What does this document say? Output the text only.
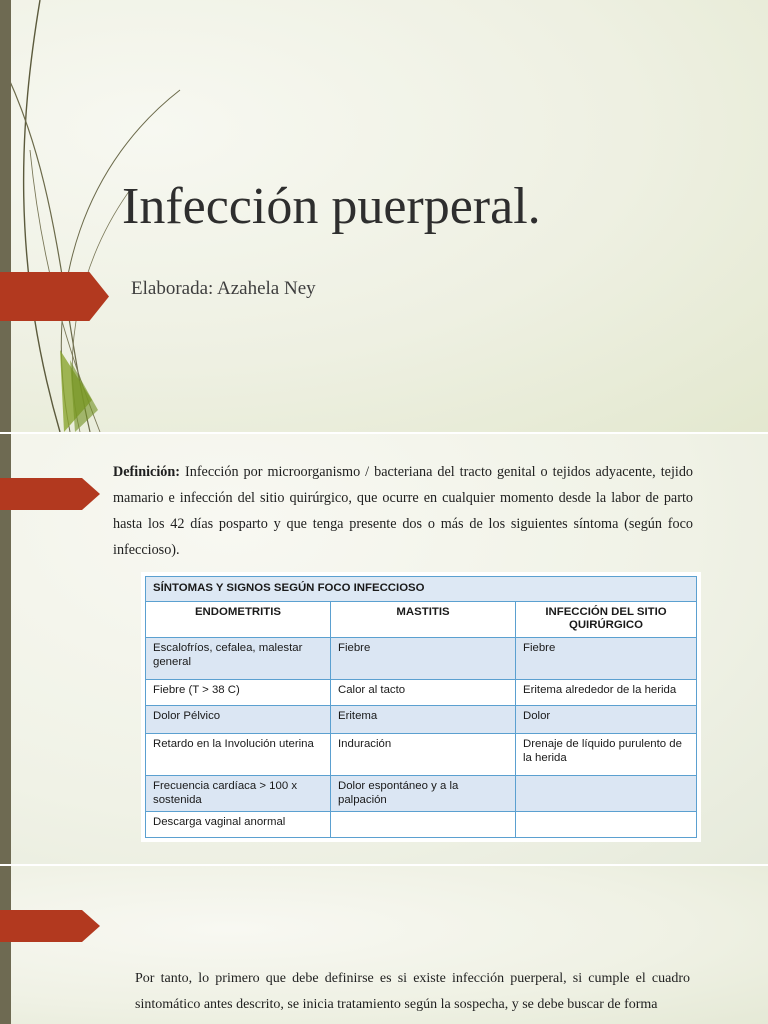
Infección puerperal.
Elaborada: Azahela Ney
Definición: Infección por microorganismo / bacteriana del tracto genital o tejidos adyacente, tejido mamario e infección del sitio quirúrgico, que ocurre en cualquier momento desde la labor de parto hasta los 42 días posparto y que tenga presente dos o más de los siguientes síntoma (según foco infeccioso).
SÍNTOMAS Y SIGNOS SEGÚN FOCO INFECCIOSO		
ENDOMETRITIS	MASTITIS	INFECCIÓN DEL SITIO QUIRÚRGICO
Escalofríos, cefalea, malestar general	Fiebre	Fiebre
Fiebre (T > 38 C)	Calor al tacto	Eritema alrededor de la herida
Dolor Pélvico	Eritema	Dolor
Retardo en la Involución uterina	Induración	Drenaje de líquido purulento de la herida
Frecuencia cardíaca > 100 x sostenida	Dolor espontáneo y a la palpación	
Descarga vaginal anormal		
Por tanto, lo primero que debe definirse es si existe infección puerperal, si cumple el cuadro sintomático antes descrito, se inicia tratamiento según la sospecha, y se debe buscar de forma
